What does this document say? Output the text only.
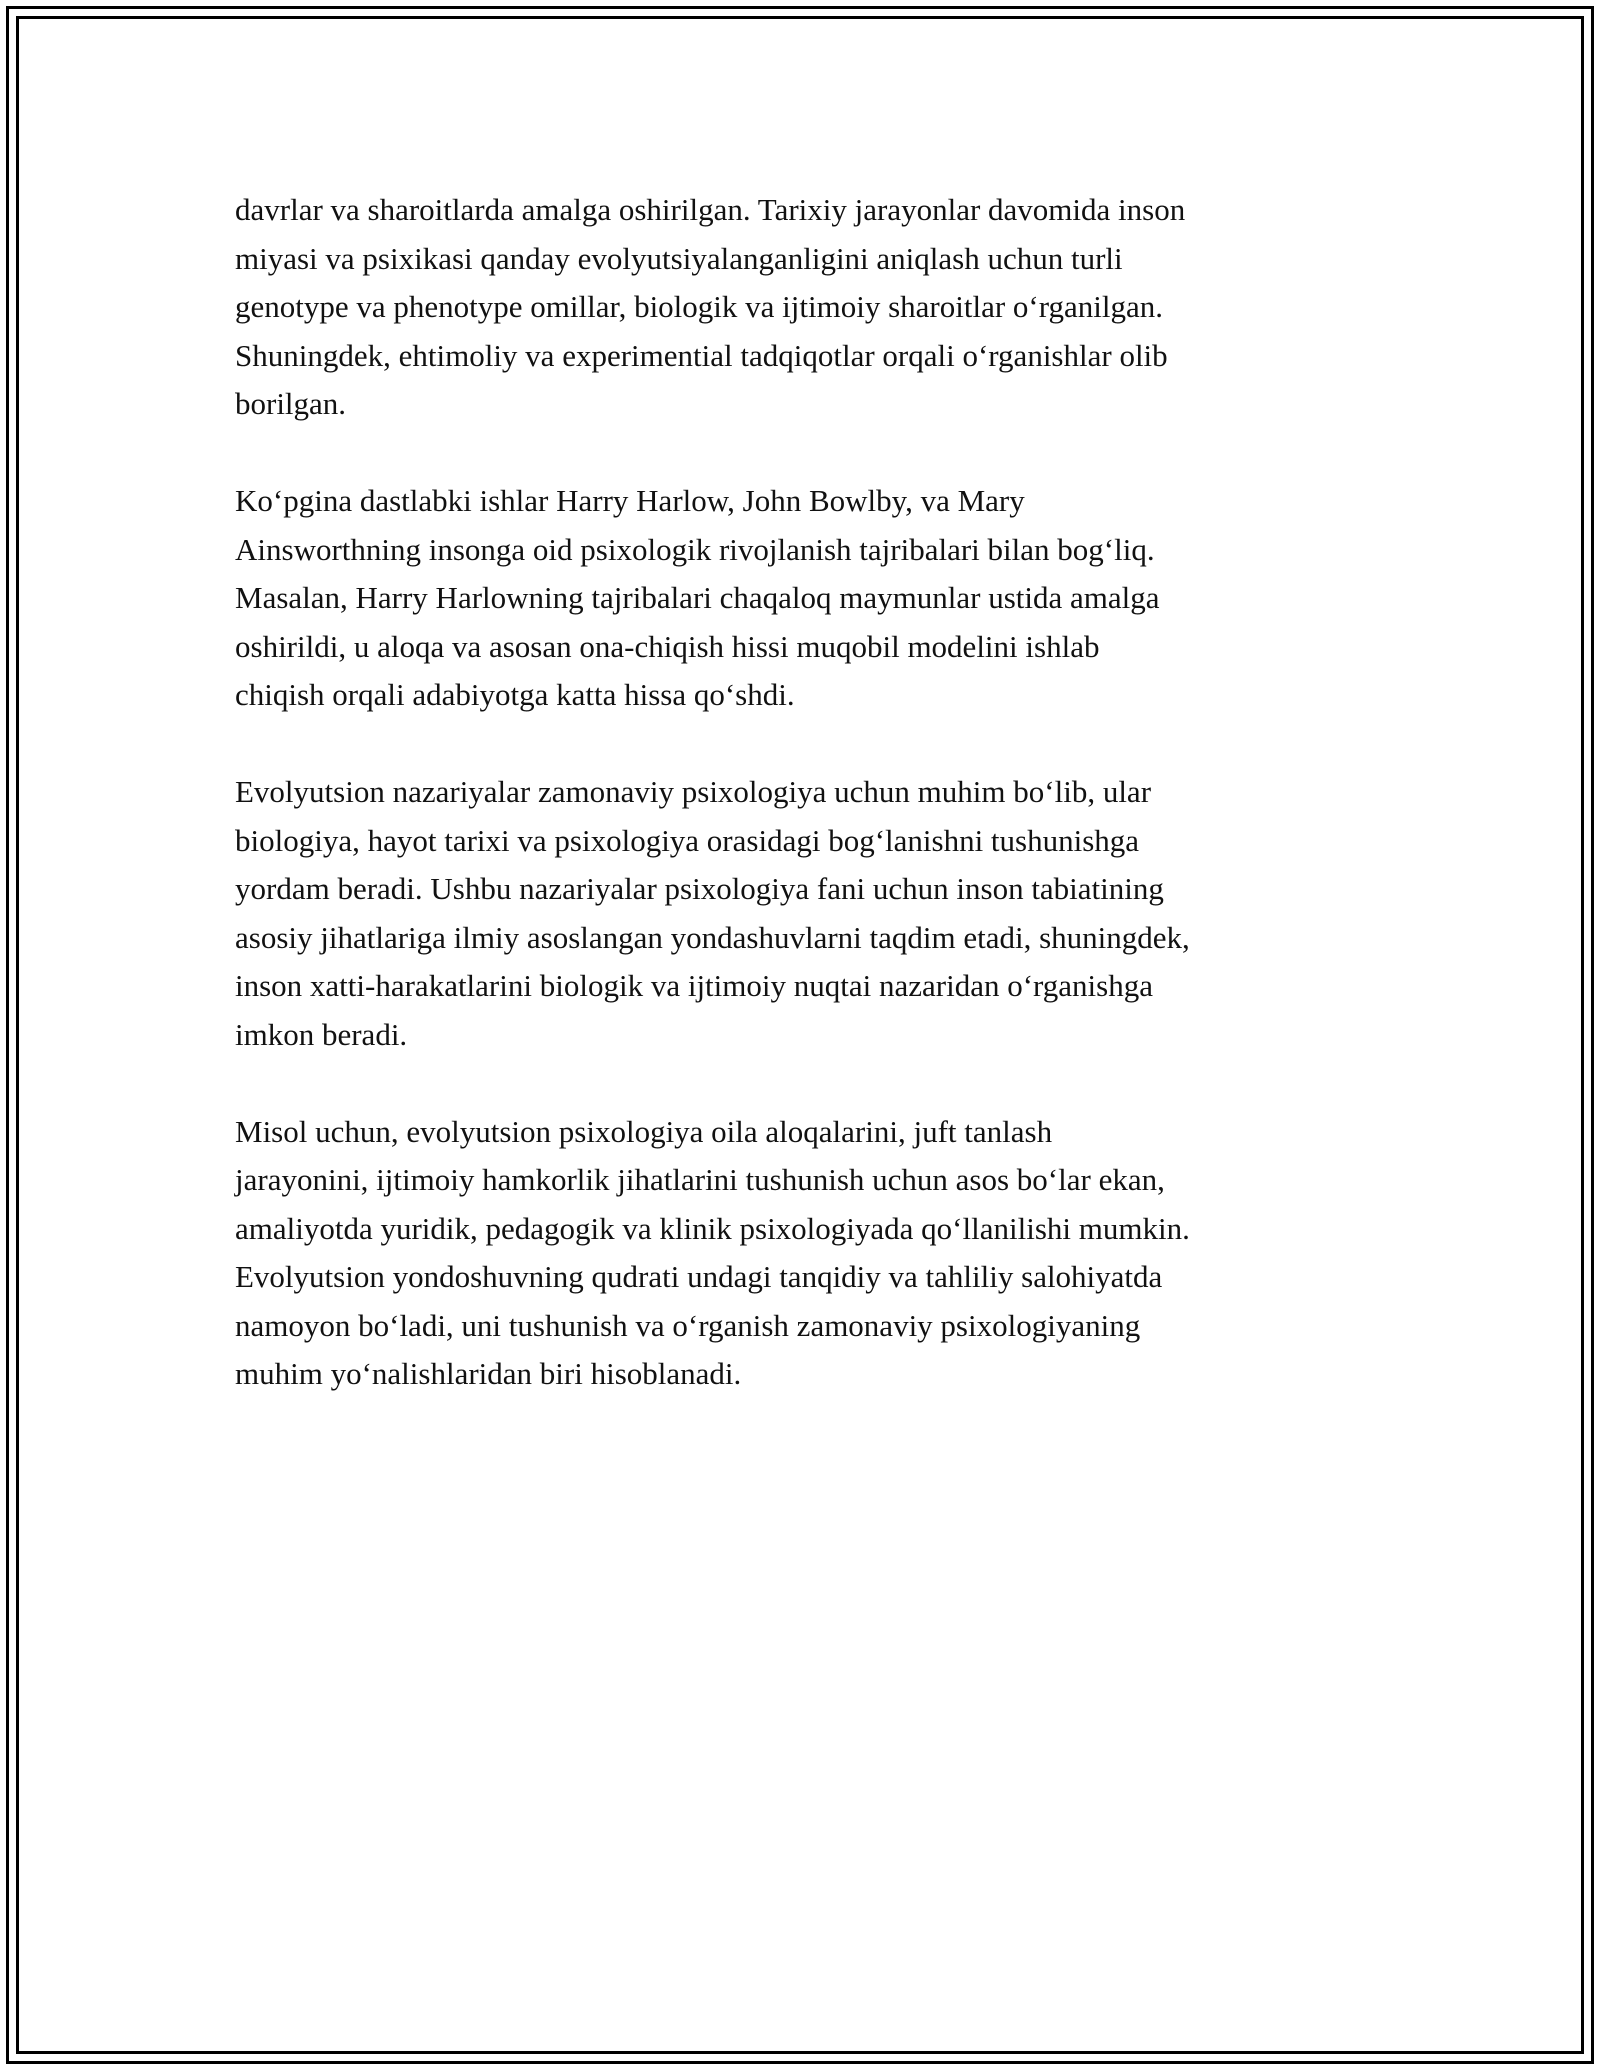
davrlar va sharoitlarda amalga oshirilgan. Tarixiy jarayonlar davomida inson
miyasi va psixikasi qanday evolyutsiyalanganligini aniqlash uchun turli
genotype va phenotype omillar, biologik va ijtimoiy sharoitlar o‘rganilgan.
Shuningdek, ehtimoliy va experimential tadqiqotlar orqali o‘rganishlar olib
borilgan.
Ko‘pgina dastlabki ishlar Harry Harlow, John Bowlby, va Mary
Ainsworthning insonga oid psixologik rivojlanish tajribalari bilan bog‘liq.
Masalan, Harry Harlowning tajribalari chaqaloq maymunlar ustida amalga
oshirildi, u aloqa va asosan ona-chiqish hissi muqobil modelini ishlab
chiqish orqali adabiyotga katta hissa qo‘shdi.
Evolyutsion nazariyalar zamonaviy psixologiya uchun muhim bo‘lib, ular
biologiya, hayot tarixi va psixologiya orasidagi bog‘lanishni tushunishga
yordam beradi. Ushbu nazariyalar psixologiya fani uchun inson tabiatining
asosiy jihatlariga ilmiy asoslangan yondashuvlarni taqdim etadi, shuningdek,
inson xatti-harakatlarini biologik va ijtimoiy nuqtai nazaridan o‘rganishga
imkon beradi.
Misol uchun, evolyutsion psixologiya oila aloqalarini, juft tanlash
jarayonini, ijtimoiy hamkorlik jihatlarini tushunish uchun asos bo‘lar ekan,
amaliyotda yuridik, pedagogik va klinik psixologiyada qo‘llanilishi mumkin.
Evolyutsion yondoshuvning qudrati undagi tanqidiy va tahliliy salohiyatda
namoyon bo‘ladi, uni tushunish va o‘rganish zamonaviy psixologiyaning
muhim yo‘nalishlaridan biri hisoblanadi.
